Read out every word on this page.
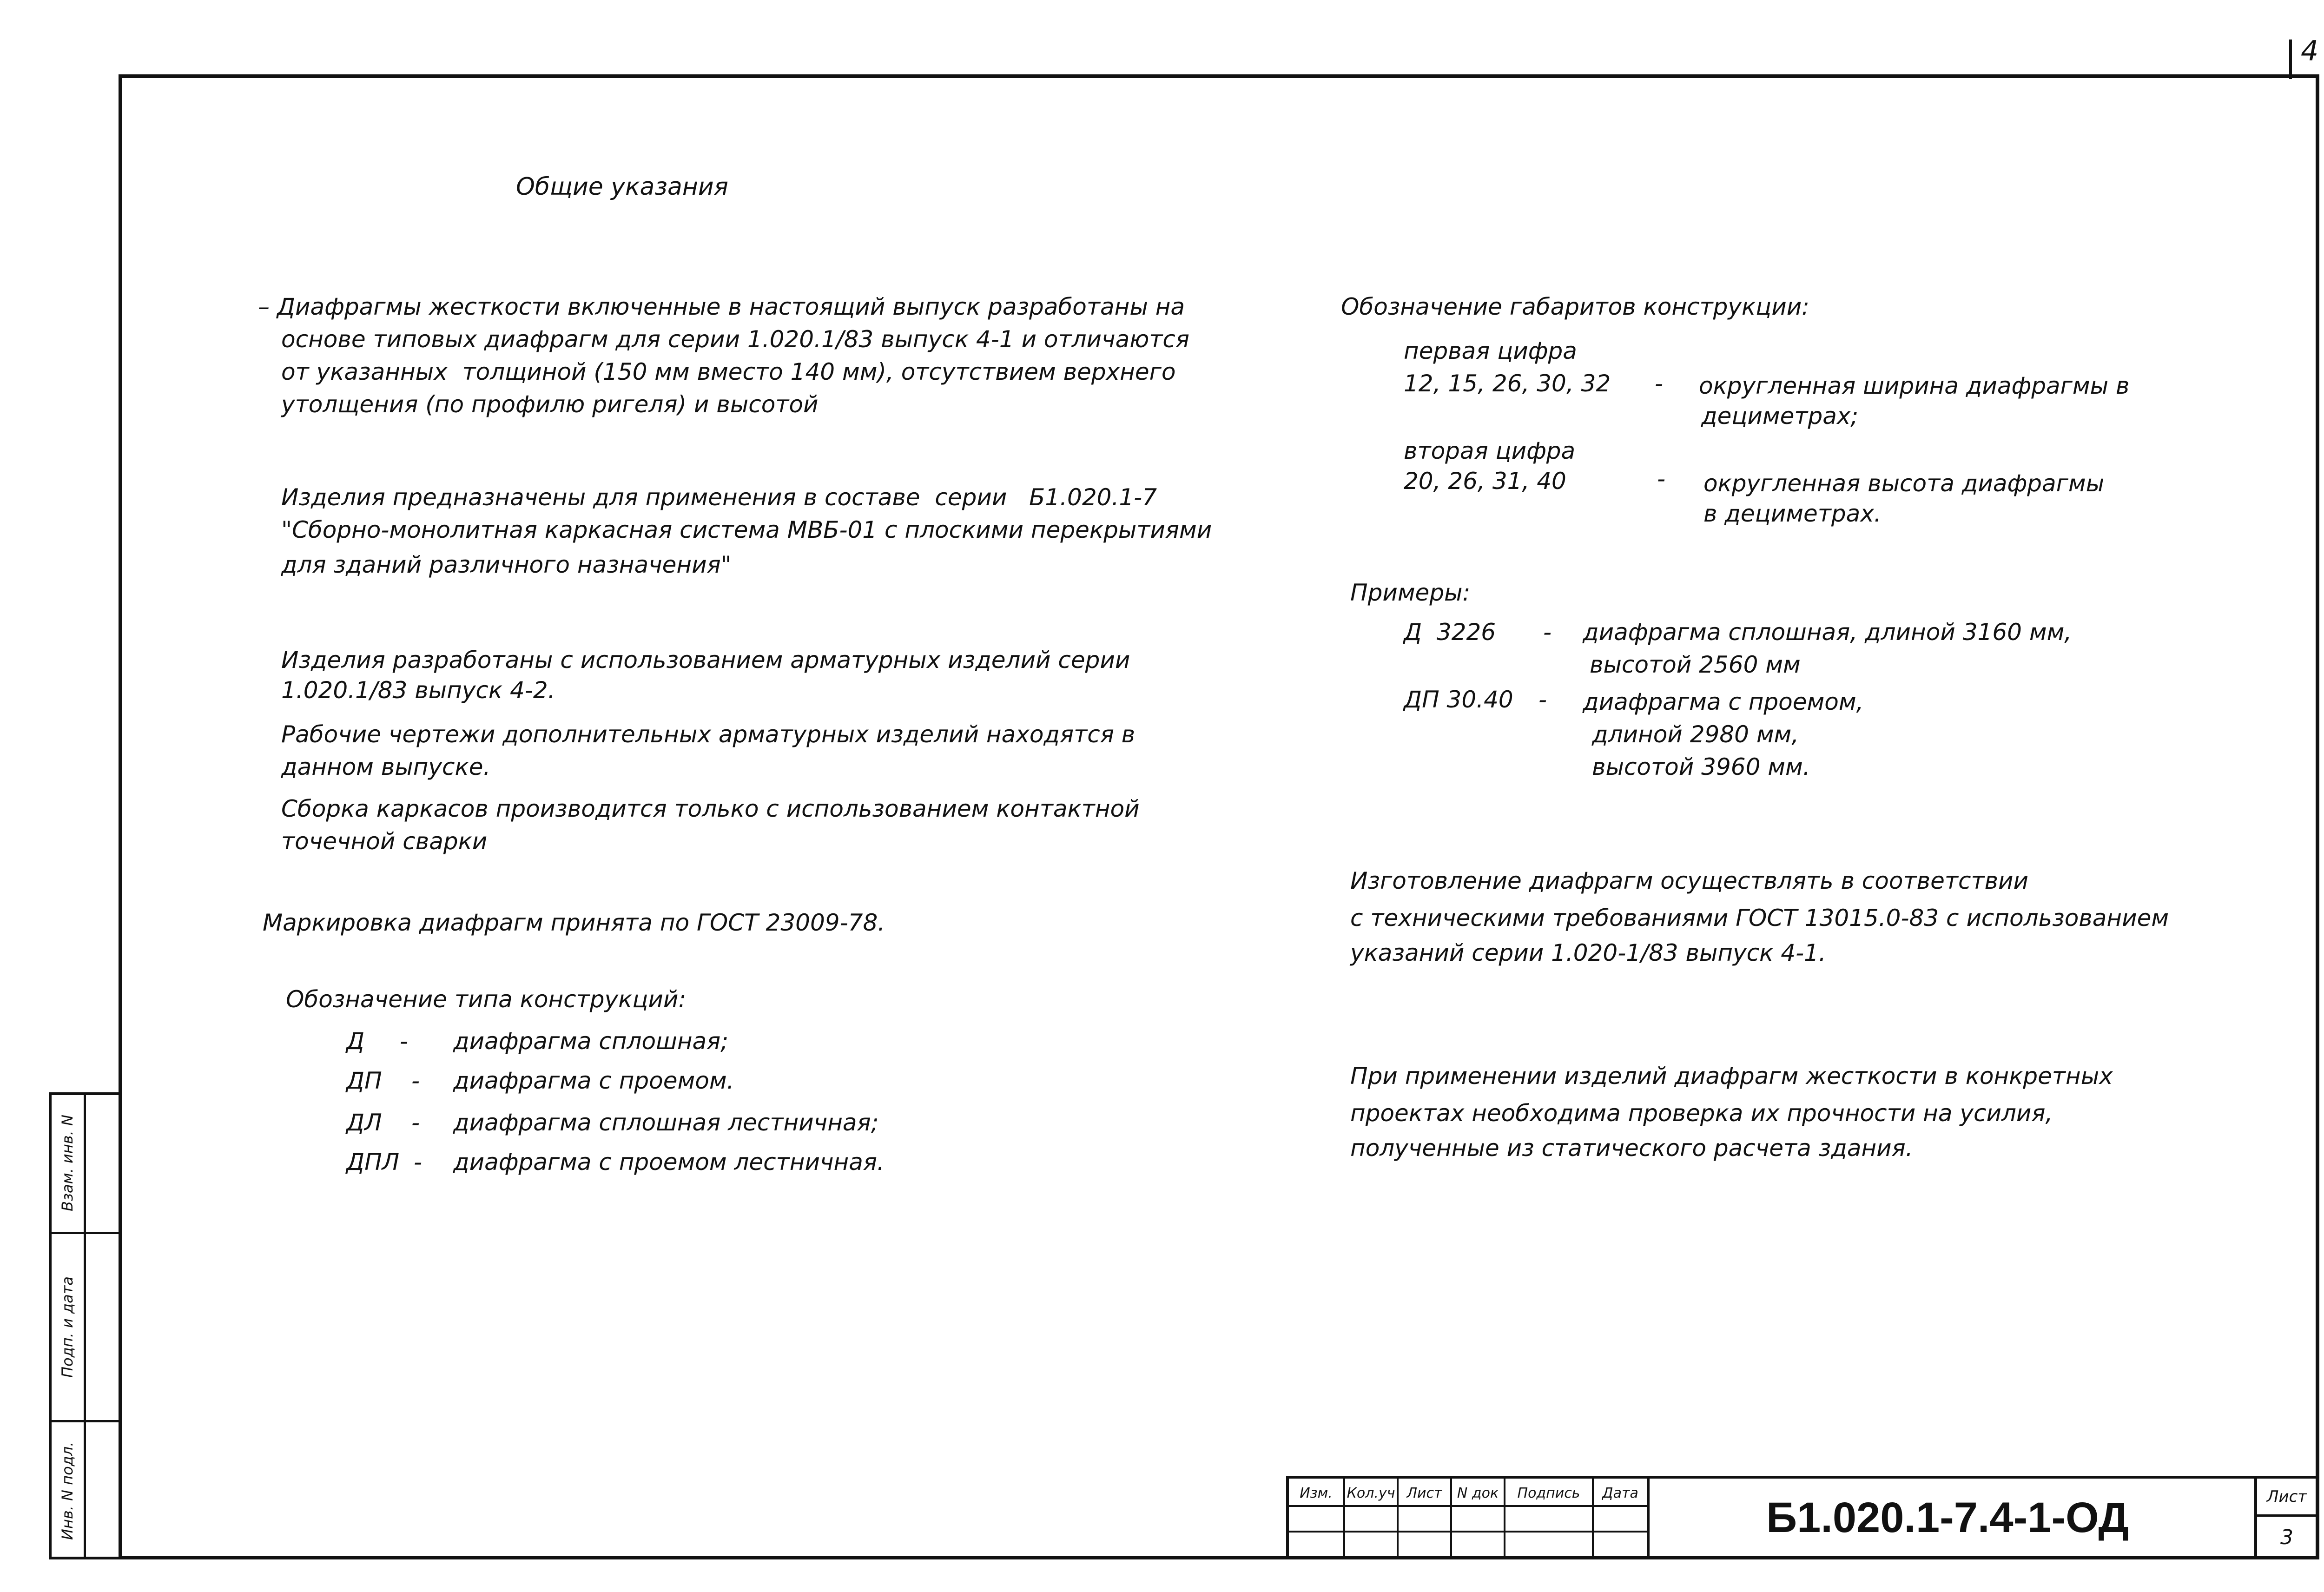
4
Взам. инв. N
Подп. и дата
Инв. N подл.
Общие указания
– Диафрагмы жесткости включенные в настоящий выпуск разработаны на
основе типовых диафрагм для серии 1.020.1/83 выпуск 4-1 и отличаются
от указанных  толщиной (150 мм вместо 140 мм), отсутствием верхнего
утолщения (по профилю ригеля) и высотой
Изделия предназначены для применения в составе  серии   Б1.020.1-7
"Сборно-монолитная каркасная система МВБ-01 с плоскими перекрытиями
для зданий различного назначения"
Изделия разработаны с использованием арматурных изделий серии
1.020.1/83 выпуск 4-2.
Рабочие чертежи дополнительных арматурных изделий находятся в
данном выпуске.
Сборка каркасов производится только с использованием контактной
точечной сварки
Маркировка диафрагм принята по ГОСТ 23009-78.
Обозначение типа конструкций:
Д - диафрагма сплошная;
ДП - диафрагма с проемом.
ДЛ - диафрагма сплошная лестничная;
ДПЛ - диафрагма с проемом лестничная.
Обозначение габаритов конструкции:
первая цифра
12, 15, 26, 30, 32 - округленная ширина диафрагмы в
дециметрах;
вторая цифра
20, 26, 31, 40	- округленная высота диафрагмы
в дециметрах.
Примеры:
Д  3226 - диафрагма сплошная, длиной 3160 мм,
высотой 2560 мм
ДП 30.40 - диафрагма с проемом,
длиной 2980 мм,
высотой 3960 мм.
Изготовление диафрагм осуществлять в соответствии
с техническими требованиями ГОСТ 13015.0-83 с использованием
указаний серии 1.020-1/83 выпуск 4-1.
При применении изделий диафрагм жесткости в конкретных
проектах необходима проверка их прочности на усилия,
полученные из статического расчета здания.
Изм.	Кол.уч Лист	N док	Подпись	Дата
Б1.020.1-7.4-1-ОД	Лист
3
